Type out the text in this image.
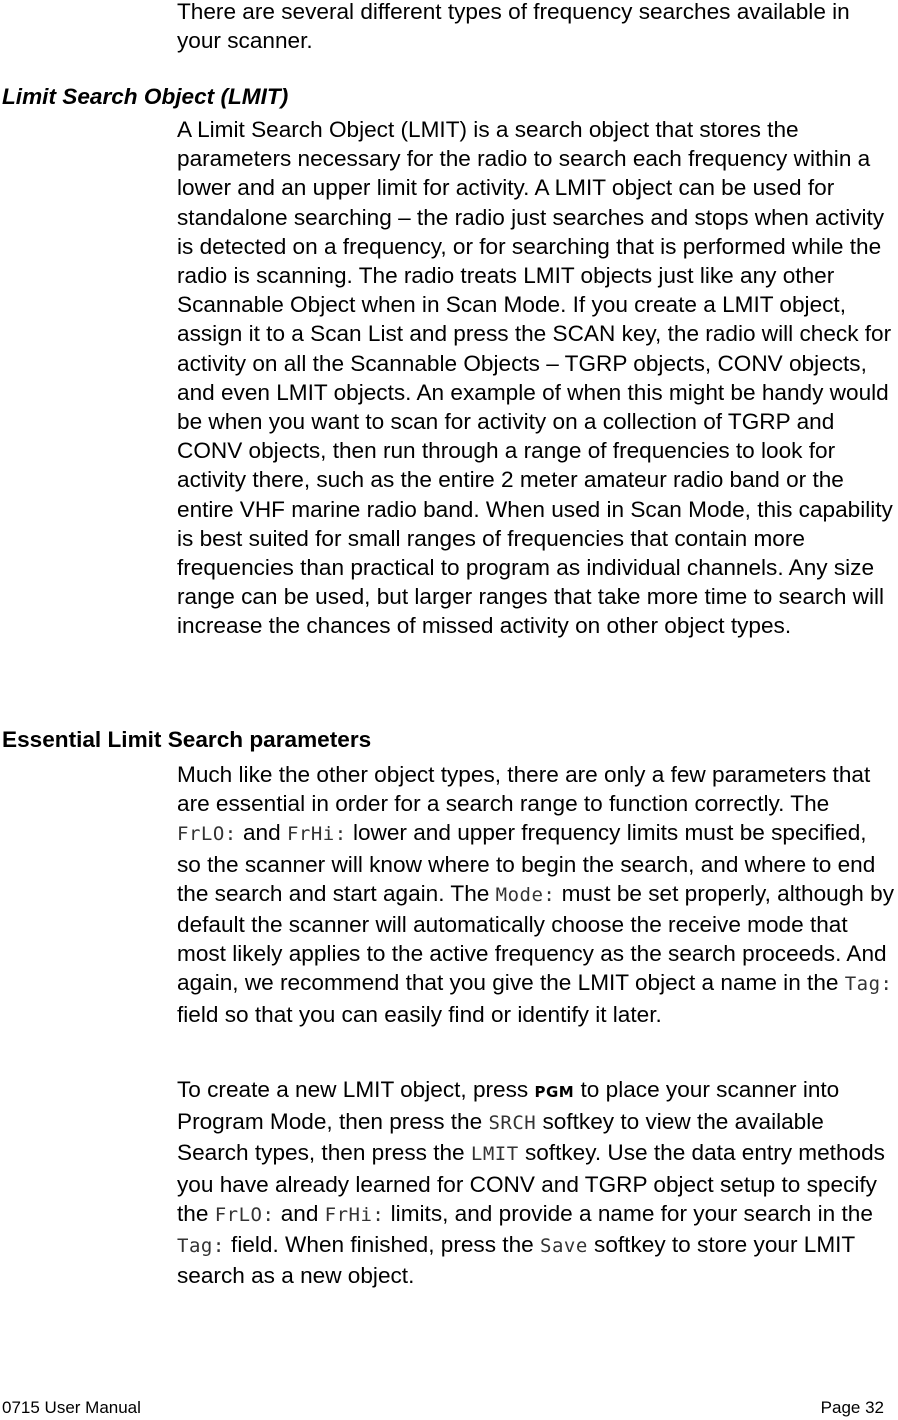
There are several different types of frequency searches available in your scanner.

Limit Search Object (LMIT)

A Limit Search Object (LMIT) is a search object that stores the parameters necessary for the radio to search each frequency within a lower and an upper limit for activity. A LMIT object can be used for standalone searching – the radio just searches and stops when activity is detected on a frequency, or for searching that is performed while the radio is scanning. The radio treats LMIT objects just like any other Scannable Object when in Scan Mode. If you create a LMIT object, assign it to a Scan List and press the SCAN key, the radio will check for activity on all the Scannable Objects – TGRP objects, CONV objects, and even LMIT objects. An example of when this might be handy would be when you want to scan for activity on a collection of TGRP and CONV objects, then run through a range of frequencies to look for activity there, such as the entire 2 meter amateur radio band or the entire VHF marine radio band. When used in Scan Mode, this capability is best suited for small ranges of frequencies that contain more frequencies than practical to program as individual channels. Any size range can be used, but larger ranges that take more time to search will increase the chances of missed activity on other object types.

Essential Limit Search parameters

Much like the other object types, there are only a few parameters that are essential in order for a search range to function correctly. The FrLO: and FrHi: lower and upper frequency limits must be specified, so the scanner will know where to begin the search, and where to end the search and start again. The Mode: must be set properly, although by default the scanner will automatically choose the receive mode that most likely applies to the active frequency as the search proceeds. And again, we recommend that you give the LMIT object a name in the Tag: field so that you can easily find or identify it later.

To create a new LMIT object, press PGM to place your scanner into Program Mode, then press the SRCH softkey to view the available Search types, then press the LMIT softkey. Use the data entry methods you have already learned for CONV and TGRP object setup to specify the FrLO: and FrHi: limits, and provide a name for your search in the Tag: field. When finished, press the Save softkey to store your LMIT search as a new object.

0715 User Manual	Page 32
